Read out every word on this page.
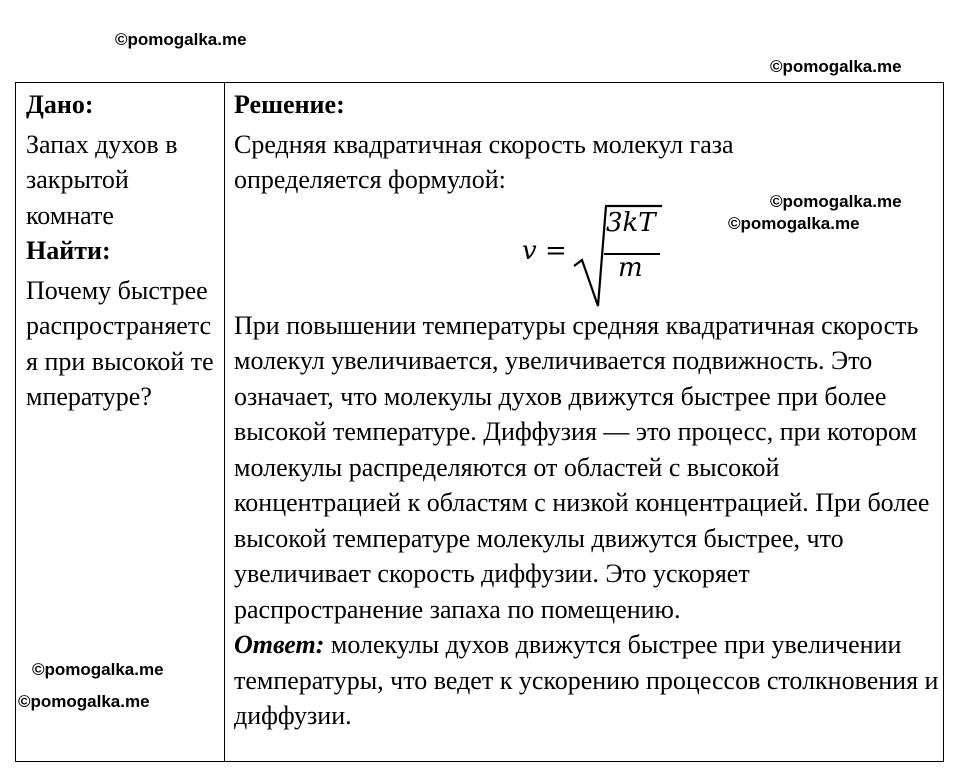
©pomogalka.me
©pomogalka.me
©pomogalka.me
©pomogalka.me
©pomogalka.me
©pomogalka.me
Дано:
Запах духов в закрытой комнате
Найти:
Почему быстрее распространяется при высокой температуре?
Решение:
Средняя квадратичная скорость молекул газа определяется формулой:
v =
3kT
m
При повышении температуры средняя квадратичная скорость молекул увеличивается, увеличивается подвижность. Это означает, что молекулы духов движутся быстрее при более высокой температуре. Диффузия — это процесс, при котором молекулы распределяются от областей с высокой концентрацией к областям с низкой концентрацией. При более высокой температуре молекулы движутся быстрее, что увеличивает скорость диффузии. Это ускоряет распространение запаха по помещению.
Ответ: молекулы духов движутся быстрее при увеличении температуры, что ведет к ускорению процессов столкновения и диффузии.
